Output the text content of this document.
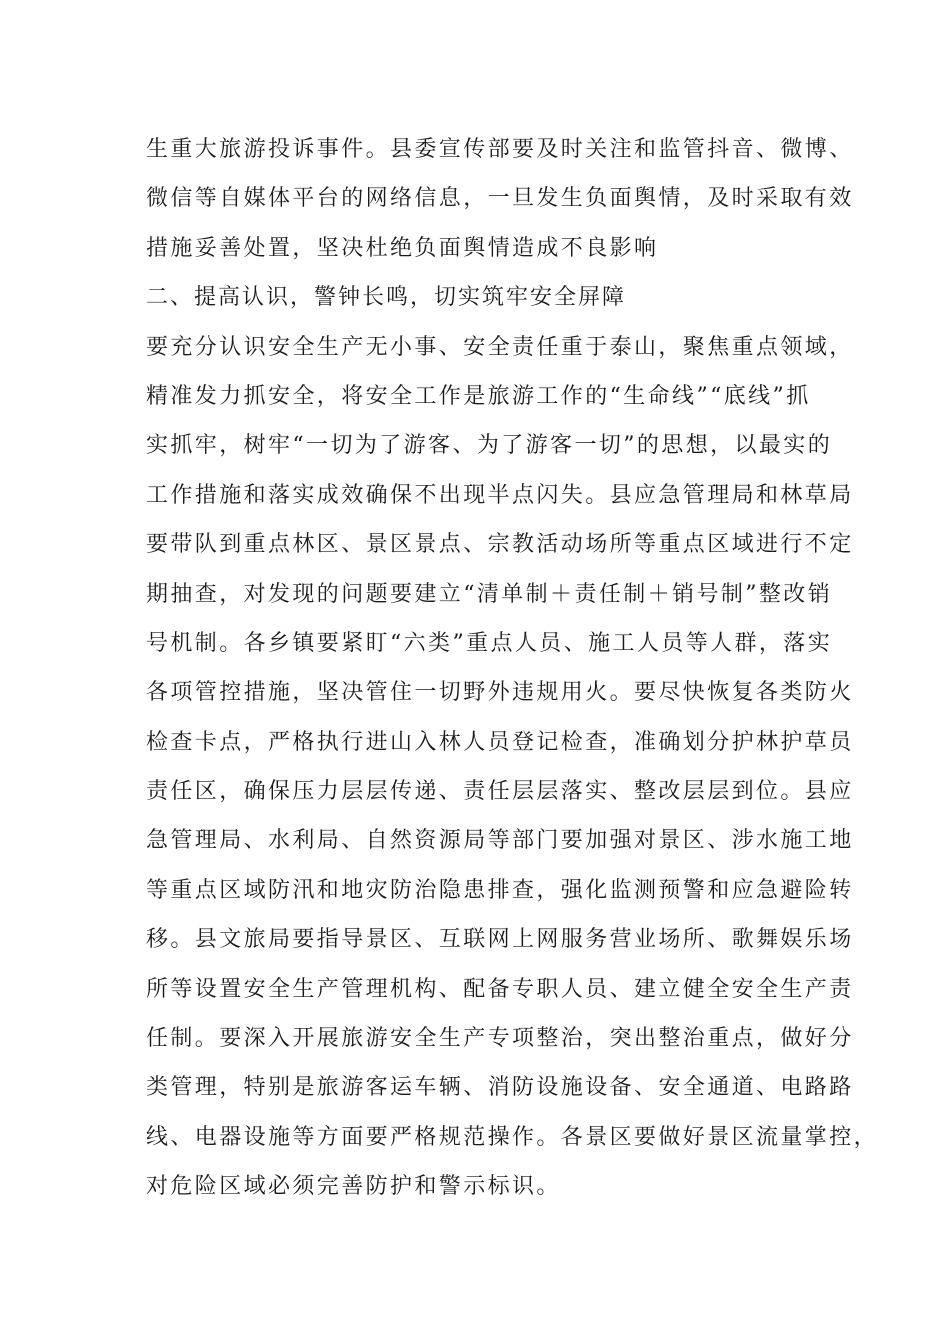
生重大旅游投诉事件。县委宣传部要及时关注和监管抖音、微博、
微信等自媒体平台的网络信息，一旦发生负面舆情，及时采取有效
措施妥善处置，坚决杜绝负面舆情造成不良影响
二、提高认识，警钟长鸣，切实筑牢安全屏障
要充分认识安全生产无小事、安全责任重于泰山，聚焦重点领域，
精准发力抓安全，将安全工作是旅游工作的“生命线”“底线”抓
实抓牢，树牢“一切为了游客、为了游客一切”的思想，以最实的
工作措施和落实成效确保不出现半点闪失。县应急管理局和林草局
要带队到重点林区、景区景点、宗教活动场所等重点区域进行不定
期抽查，对发现的问题要建立“清单制＋责任制＋销号制”整改销
号机制。各乡镇要紧盯“六类”重点人员、施工人员等人群，落实
各项管控措施，坚决管住一切野外违规用火。要尽快恢复各类防火
检查卡点，严格执行进山入林人员登记检查，准确划分护林护草员
责任区，确保压力层层传递、责任层层落实、整改层层到位。县应
急管理局、水利局、自然资源局等部门要加强对景区、涉水施工地
等重点区域防汛和地灾防治隐患排查，强化监测预警和应急避险转
移。县文旅局要指导景区、互联网上网服务营业场所、歌舞娱乐场
所等设置安全生产管理机构、配备专职人员、建立健全安全生产责
任制。要深入开展旅游安全生产专项整治，突出整治重点，做好分
类管理，特别是旅游客运车辆、消防设施设备、安全通道、电路路
线、电器设施等方面要严格规范操作。各景区要做好景区流量掌控，
对危险区域必须完善防护和警示标识。
